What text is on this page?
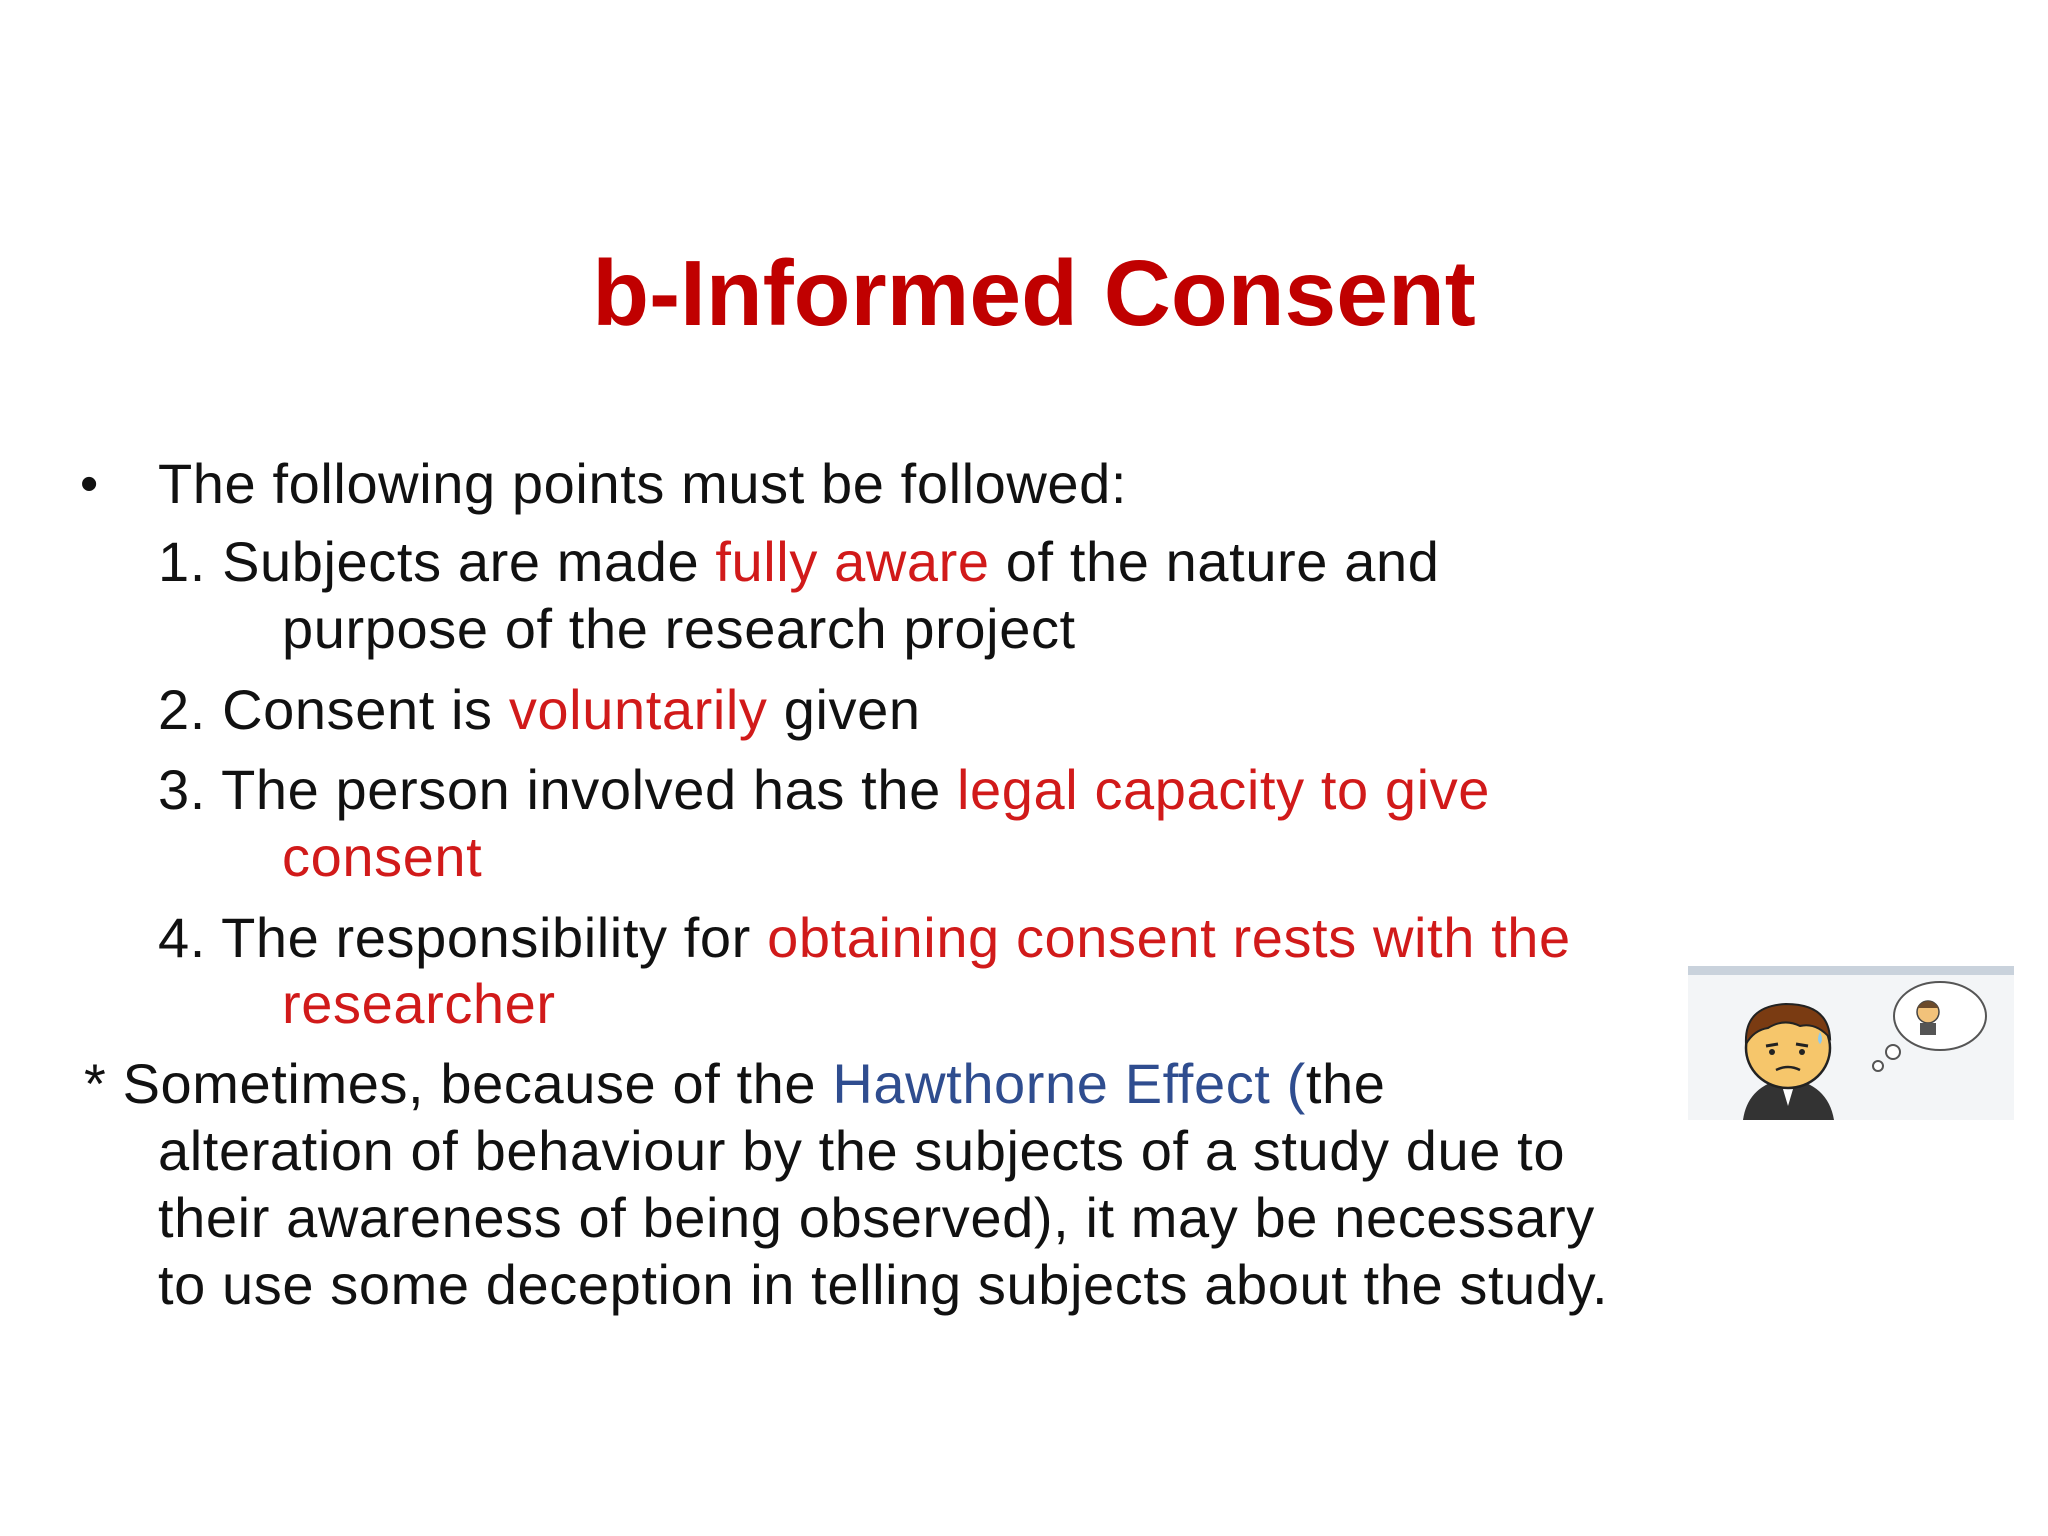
b-Informed Consent
• The following points must be followed:
1. Subjects are made fully aware of the nature and
purpose of the research project
2. Consent is voluntarily given
3. The person involved has the legal capacity to give
consent
4. The responsibility for obtaining consent rests with the
researcher
* Sometimes, because of the Hawthorne Effect (the
alteration of behaviour by the subjects of a study due to
their awareness of being observed), it may be necessary
to use some deception in telling subjects about the study.
